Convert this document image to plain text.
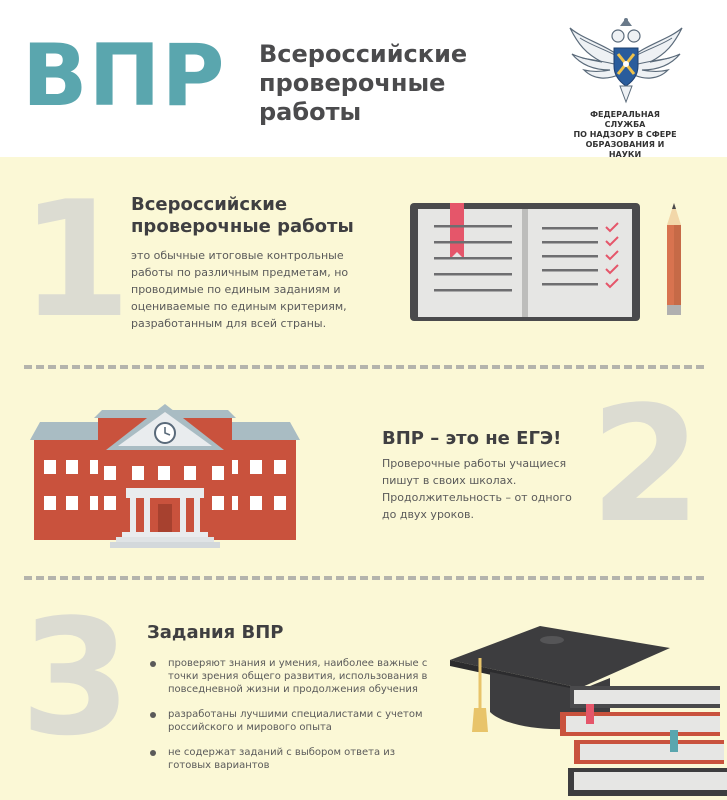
ВПР Всероссийские проверочные работы	ФЕДЕРАЛЬНАЯ СЛУЖБА
ПО НАДЗОРУ В СФЕРЕ
ОБРАЗОВАНИЯ И НАУКИ
1 Всероссийские проверочные работы
это обычные итоговые контрольные работы по различным предметам, но проводимые по единым заданиям и оцениваемые по единым критериям, разработанным для всей страны.
ВПР – это не ЕГЭ!
Проверочные работы учащиеся пишут в своих школах. Продолжительность – от одного до двух уроков. 2
3 Задания ВПР
проверяют знания и умения, наиболее важные с точки зрения общего развития, использования в повседневной жизни и продолжения обучения
разработаны лучшими специалистами с учетом российского и мирового опыта
не содержат заданий с выбором ответа из готовых вариантов
